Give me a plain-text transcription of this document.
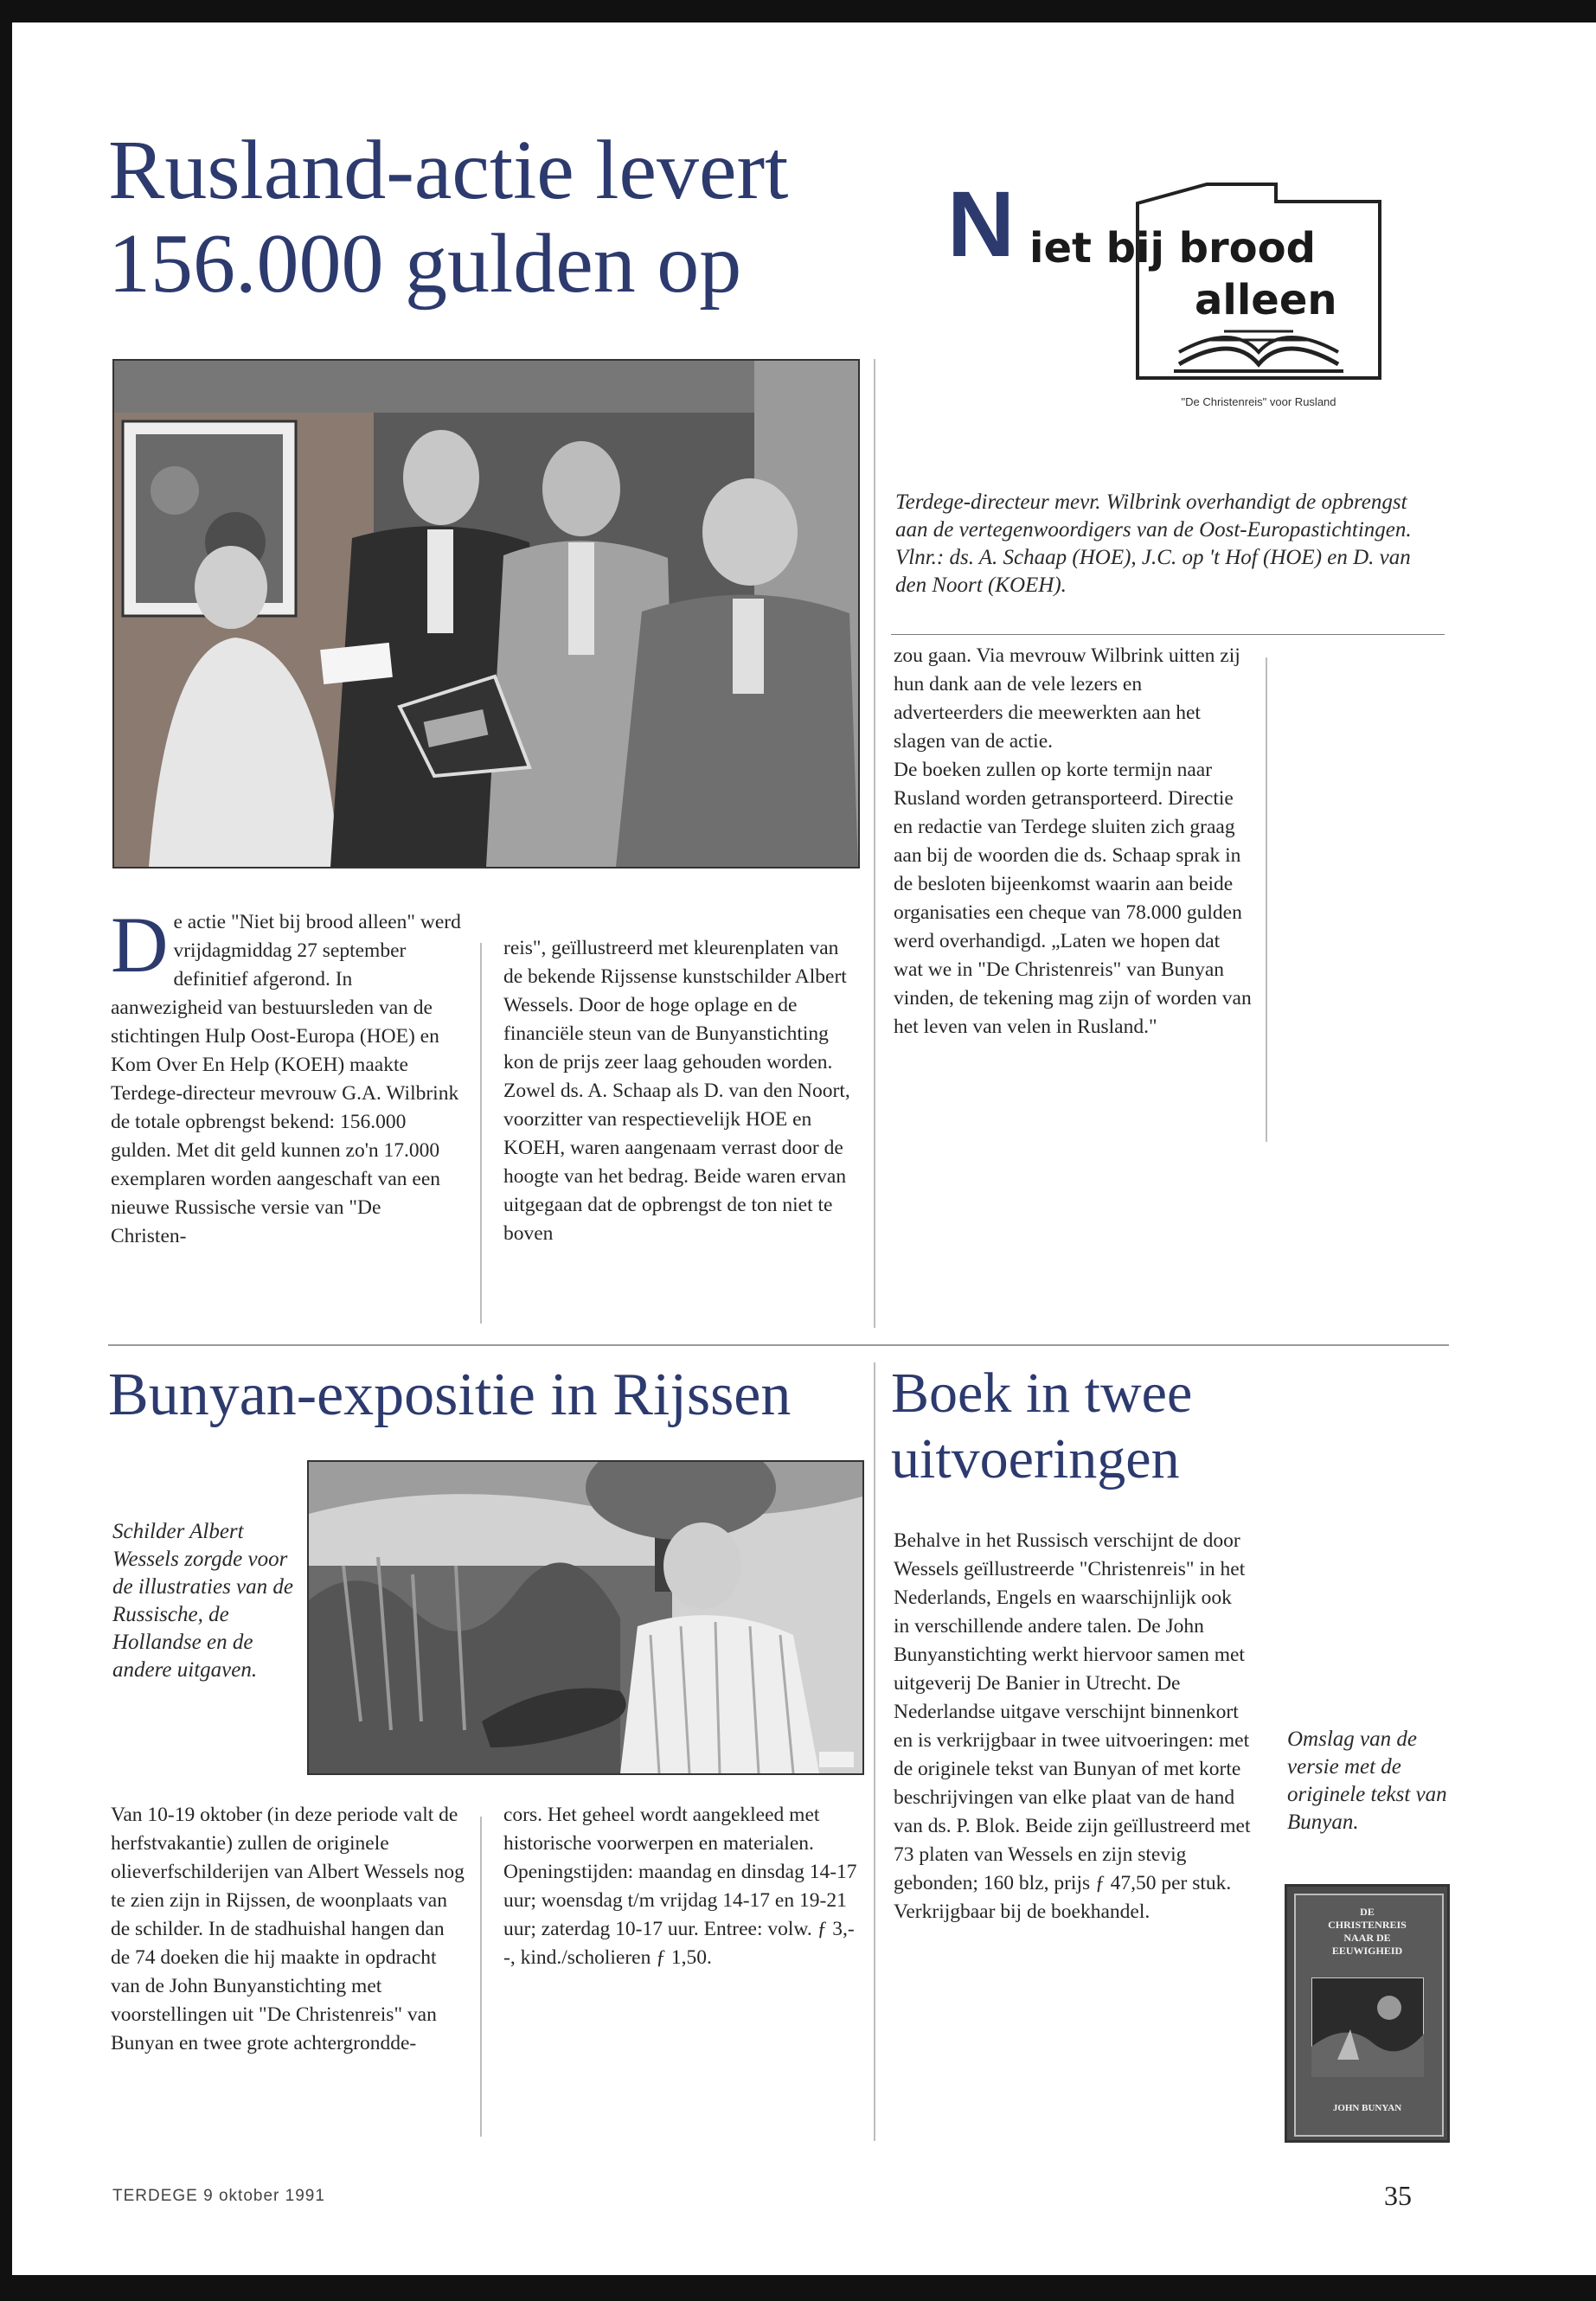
Rusland-actie levert
156.000 gulden op	N iet bij brood
alleen
"De Christenreis" voor Rusland

Terdege-directeur mevr. Wilbrink overhandigt de opbrengst aan de vertegenwoordigers van de Oost-Europastichtingen. Vlnr.: ds. A. Schaap (HOE), J.C. op 't Hof (HOE) en D. van den Noort (KOEH).

De actie "Niet bij brood alleen" werd vrijdagmiddag 27 september definitief afgerond. In aanwezigheid van bestuursleden van de stichtingen Hulp Oost-Europa (HOE) en Kom Over En Help (KOEH) maakte Terdege-directeur mevrouw G.A. Wilbrink de totale opbrengst bekend: 156.000 gulden. Met dit geld kunnen zo'n 17.000 exemplaren worden aangeschaft van een nieuwe Russische versie van "De Christen-

reis", geïllustreerd met kleurenplaten van de bekende Rijssense kunstschilder Albert Wessels. Door de hoge oplage en de financiële steun van de Bunyanstichting kon de prijs zeer laag gehouden worden. Zowel ds. A. Schaap als D. van den Noort, voorzitter van respectievelijk HOE en KOEH, waren aangenaam verrast door de hoogte van het bedrag. Beide waren ervan uitgegaan dat de opbrengst de ton niet te boven

zou gaan. Via mevrouw Wilbrink uitten zij hun dank aan de vele lezers en adverteerders die meewerkten aan het slagen van de actie.
De boeken zullen op korte termijn naar Rusland worden getransporteerd. Directie en redactie van Terdege sluiten zich graag aan bij de woorden die ds. Schaap sprak in de besloten bijeenkomst waarin aan beide organisaties een cheque van 78.000 gulden werd overhandigd. „Laten we hopen dat wat we in "De Christenreis" van Bunyan vinden, de tekening mag zijn of worden van het leven van velen in Rusland."

Bunyan-expositie in Rijssen

Schilder Albert Wessels zorgde voor de illustraties van de Russische, de Hollandse en de andere uitgaven.

Van 10-19 oktober (in deze periode valt de herfstvakantie) zullen de originele olieverfschilderijen van Albert Wessels nog te zien zijn in Rijssen, de woonplaats van de schilder. In de stadhuishal hangen dan de 74 doeken die hij maakte in opdracht van de John Bunyanstichting met voorstellingen uit "De Christenreis" van Bunyan en twee grote achtergrondde-

cors. Het geheel wordt aangekleed met historische voorwerpen en materialen.
Openingstijden: maandag en dinsdag 14-17 uur; woensdag t/m vrijdag 14-17 en 19-21 uur; zaterdag 10-17 uur. Entree: volw. ƒ 3,--, kind./scholieren ƒ 1,50.

Boek in twee
uitvoeringen

Behalve in het Russisch verschijnt de door Wessels geïllustreerde "Christenreis" in het Nederlands, Engels en waarschijnlijk ook in verschillende andere talen. De John Bunyanstichting werkt hiervoor samen met uitgeverij De Banier in Utrecht. De Nederlandse uitgave verschijnt binnenkort en is verkrijgbaar in twee uitvoeringen: met de originele tekst van Bunyan of met korte beschrijvingen van elke plaat van de hand van ds. P. Blok. Beide zijn geïllustreerd met 73 platen van Wessels en zijn stevig gebonden; 160 blz, prijs ƒ 47,50 per stuk. Verkrijgbaar bij de boekhandel.

Omslag van de versie met de originele tekst van Bunyan.

DE
CHRISTENREIS
NAAR DE
EEUWIGHEID
JOHN BUNYAN
TERDEGE 9 oktober 1991	35
